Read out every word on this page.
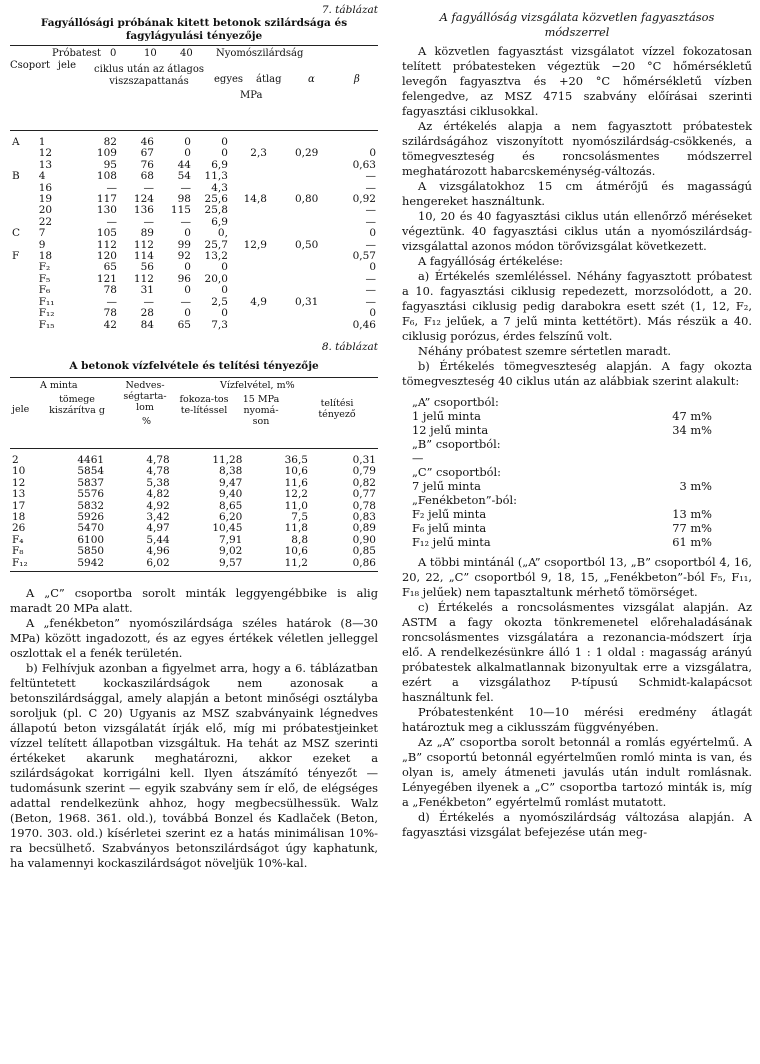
7. táblázat
Fagyállósági próbának kitett betonok szilárdsága és
fagylágyulási tényezője
Csoport
Próbatest jele
0	10 40
ciklus után az átlagos viszszapattanás
Nyomószilárdság
egyes átlag
MPa
α	β
A	1	82	46	0	0			
	12	109	67	0	0	2,3	0,29	0
	13	95	76	44	6,9			0,63
B	4	108	68	54	11,3			—
	16	—	—	—	4,3			—
	19	117	124	98	25,6	14,8	0,80	0,92
	20	130	136	115	25,8			—
	22	—	—	—	6,9			—
C	7	105	89	0	0,			0
	9	112	112	99	25,7	12,9	0,50	—
F	18	120	114	92	13,2			0,57
	F₂	65	56	0	0			0
	F₅	121	112	96	20,0			—
	F₆	78	31	0	0			—
	F₁₁	—	—	—	2,5	4,9	0,31	—
	F₁₂	78	28	0	0			0
	F₁₅	42	84	65	7,3			0,46
8. táblázat
A betonok vízfelvétele és telítési tényezője
A minta	Nedves-ségtarta-lom
%
Vízfelvétel, m%
jele
tömege kiszárítva g
fokoza-tos te-lítéssel
15 MPa nyomá-son
telítési tényező
2	4461	4,78	11,28	36,5	0,31
10	5854	4,78	8,38	10,6	0,79
12	5837	5,38	9,47	11,6	0,82
13	5576	4,82	9,40	12,2	0,77
17	5832	4,92	8,65	11,0	0,78
18	5926	3,42	6,20	7,5	0,83
26	5470	4,97	10,45	11,8	0,89
F₄	6100	5,44	7,91	8,8	0,90
F₈	5850	4,96	9,02	10,6	0,85
F₁₂	5942	6,02	9,57	11,2	0,86

A „C” csoportba sorolt minták leggyengébbike is alig maradt 20 MPa alatt.

A „fenékbeton” nyomószilárdsága széles határok (8—30 MPa) között ingadozott, és az egyes értékek véletlen jelleggel oszlottak el a fenék területén.

b) Felhívjuk azonban a figyelmet arra, hogy a 6. táblázatban feltüntetett kockaszilárdságok nem azonosak a betonszilárdsággal, amely alapján a betont minőségi osztályba soroljuk (pl. C 20) Ugyanis az MSZ szabványaink légnedves állapotú beton vizsgálatát írják elő, míg mi próbatestjeinket vízzel telített állapotban vizsgáltuk. Ha tehát az MSZ szerinti értékeket akarunk meghatározni, akkor ezeket a szilárdságokat korrigálni kell. Ilyen átszámító tényezőt — tudomásunk szerint — egyik szabvány sem ír elő, de elégséges adattal rendelkezünk ahhoz, hogy megbecsülhessük. Walz (Beton, 1968. 361. old.), továbbá Bonzel és Kadlaček (Beton, 1970. 303. old.) kísérletei szerint ez a hatás minimálisan 10%-ra becsülhető. Szabványos betonszilárdságot úgy kaphatunk, ha valamennyi kockaszilárdságot növeljük 10%-kal.

A fagyállóság vizsgálata közvetlen fagyasztásos
módszerrel

A közvetlen fagyasztást vizsgálatot vízzel fokozatosan telített próbatesteken végeztük −20 °C hőmérsékletű levegőn fagyasztva és +20 °C hőmérsékletű vízben felengedve, az MSZ 4715 szabvány előírásai szerinti fagyasztási ciklusokkal.

Az értékelés alapja a nem fagyasztott próbatestek szilárdságához viszonyított nyomószilárdság-csökkenés, a tömegveszteség és roncsolásmentes módszerrel meghatározott habarcskeménység-változás.

A vizsgálatokhoz 15 cm átmérőjű és magasságú hengereket használtunk.

10, 20 és 40 fagyasztási ciklus után ellenőrző méréseket végeztünk. 40 fagyasztási ciklus után a nyomószilárdság-vizsgálattal azonos módon törővizsgálat következett.

A fagyállóság értékelése:

a) Értékelés szemléléssel. Néhány fagyasztott próbatest a 10. fagyasztási ciklusig repedezett, morzsolódott, a 20. fagyasztási ciklusig pedig darabokra esett szét (1, 12, F₂, F₆, F₁₂ jelűek, a 7 jelű minta kettétört). Más részük a 40. ciklusig porózus, érdes felszínű volt.

Néhány próbatest szemre sértetlen maradt.

b) Értékelés tömegveszteség alapján. A fagy okozta tömegveszteség 40 ciklus után az alábbiak szerint alakult:

„A” csoportból:	
1 jelű minta	47 m%
12 jelű minta	34 m%
„B” csoportból:	
—	
„C” csoportból:	
7 jelű minta	3 m%
„Fenékbeton”-ból:	
F₂ jelű minta	13 m%
F₆ jelű minta	77 m%
F₁₂ jelű minta	61 m%

A többi mintánál („A” csoportból 13, „B” csoportból 4, 16, 20, 22, „C” csoportból 9, 18, 15, „Fenékbeton”-ból F₅, F₁₁, F₁₈ jelűek) nem tapasztaltunk mérhető tömörséget.

c) Értékelés a roncsolásmentes vizsgálat alapján. Az ASTM a fagy okozta tönkremenetel előrehaladásának roncsolásmentes vizsgálatára a rezonancia-módszert írja elő. A rendelkezésünkre álló 1 : 1 oldal : magasság arányú próbatestek alkalmatlannak bizonyultak erre a vizsgálatra, ezért a vizsgálathoz P-típusú Schmidt-kalapácsot használtunk fel.

Próbatestenként 10—10 mérési eredmény átlagát határoztuk meg a ciklusszám függvényében.

Az „A” csoportba sorolt betonnál a romlás egyértelmű. A „B” csoportú betonnál egyértelműen romló minta is van, és olyan is, amely átmeneti javulás után indult romlásnak. Lényegében ilyenek a „C” csoportba tartozó minták is, míg a „Fenékbeton” egyértelmű romlást mutatott.

d) Értékelés a nyomószilárdság változása alapján. A fagyasztási vizsgálat befejezése után meg-
